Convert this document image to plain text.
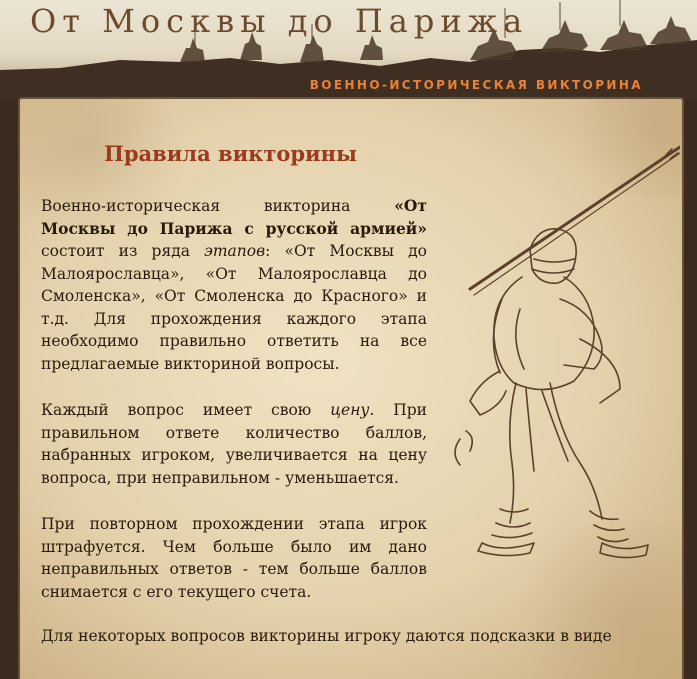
От Москвы до Парижа
ВОЕННО-ИСТОРИЧЕСКАЯ ВИКТОРИНА
Правила викторины

Военно-историческая викторина «От Москвы до Парижа с русской армией» состоит из ряда этапов: «От Москвы до Малоярославца», «От Малоярославца до Смоленска», «От Смоленска до Красного» и т.д. Для прохождения каждого этапа необходимо правильно ответить на все предлагаемые викториной вопросы.

Каждый вопрос имеет свою цену. При правильном ответе количество баллов, набранных игроком, увеличивается на цену вопроса, при неправильном - уменьшается.

При повторном прохождении этапа игрок штрафуется. Чем больше было им дано неправильных ответов - тем больше баллов снимается с его текущего счета.

Для некоторых вопросов викторины игроку даются подсказки в виде
